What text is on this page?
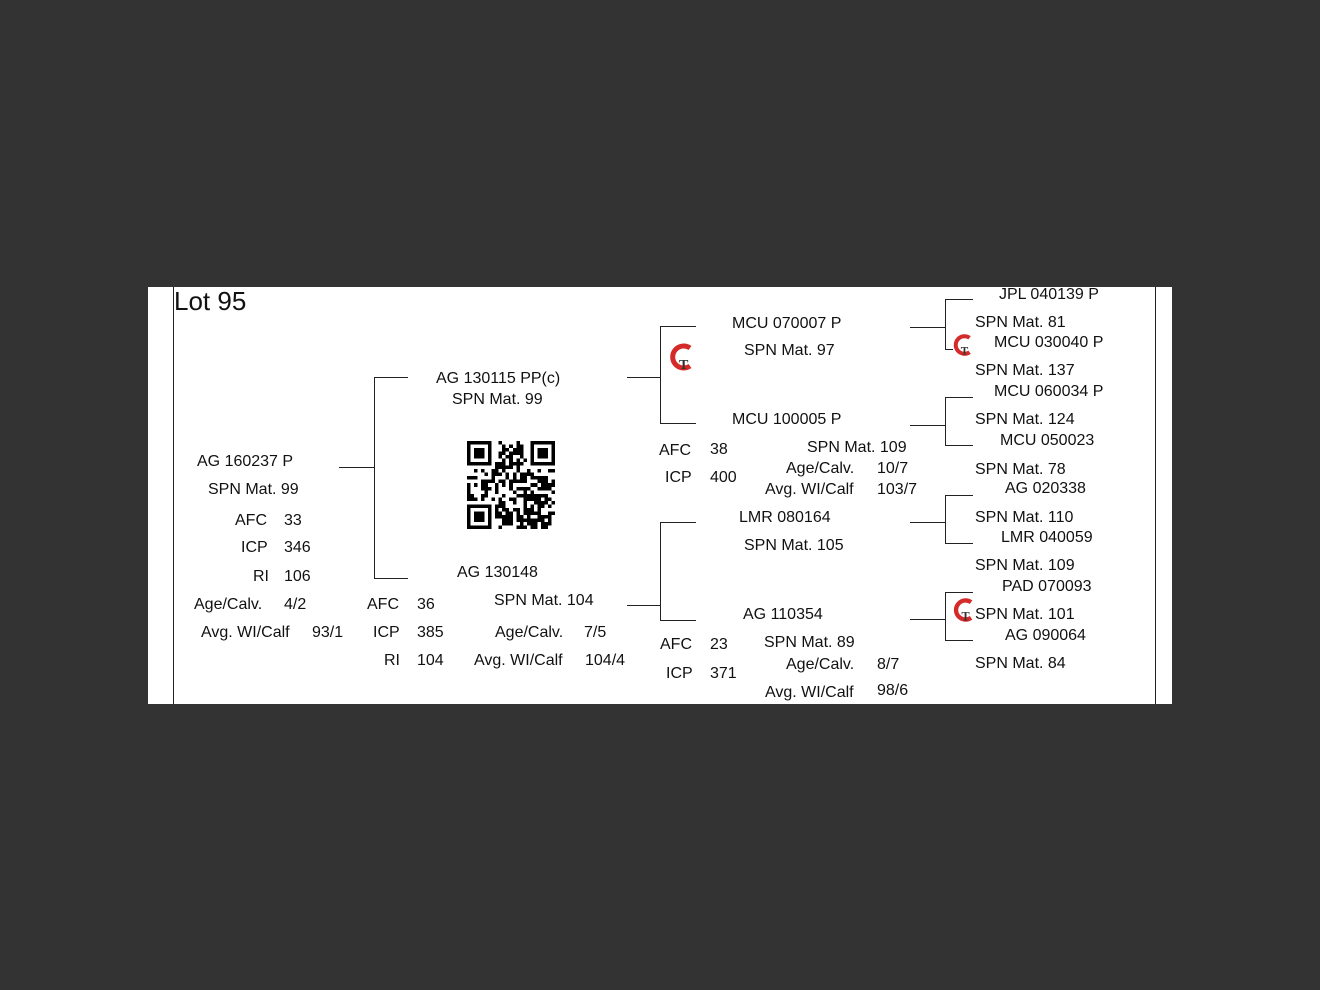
Lot 95
AG 160237 P
SPN Mat. 99
AFC 33
ICP 346
RI 106
Age/Calv. 4/2
Avg. WI/Calf 93/1
AG 130115 PP(c)
SPN Mat. 99
AG 130148
SPN Mat. 104
AFC 36
ICP 385
RI 104
Age/Calv. 7/5
Avg. WI/Calf 104/4
T
T
T
MCU 070007 P
SPN Mat. 97
MCU 100005 P
SPN Mat. 109
AFC 38
ICP 400
Age/Calv. 10/7
Avg. WI/Calf 103/7
LMR 080164
SPN Mat. 105
AG 110354
SPN Mat. 89
AFC 23
ICP 371
Age/Calv. 8/7
Avg. WI/Calf 98/6
JPL 040139 P
SPN Mat. 81
MCU 030040 P
SPN Mat. 137
MCU 060034 P
SPN Mat. 124
MCU 050023
SPN Mat. 78
AG 020338
SPN Mat. 110
LMR 040059
SPN Mat. 109
PAD 070093
SPN Mat. 101
AG 090064
SPN Mat. 84
